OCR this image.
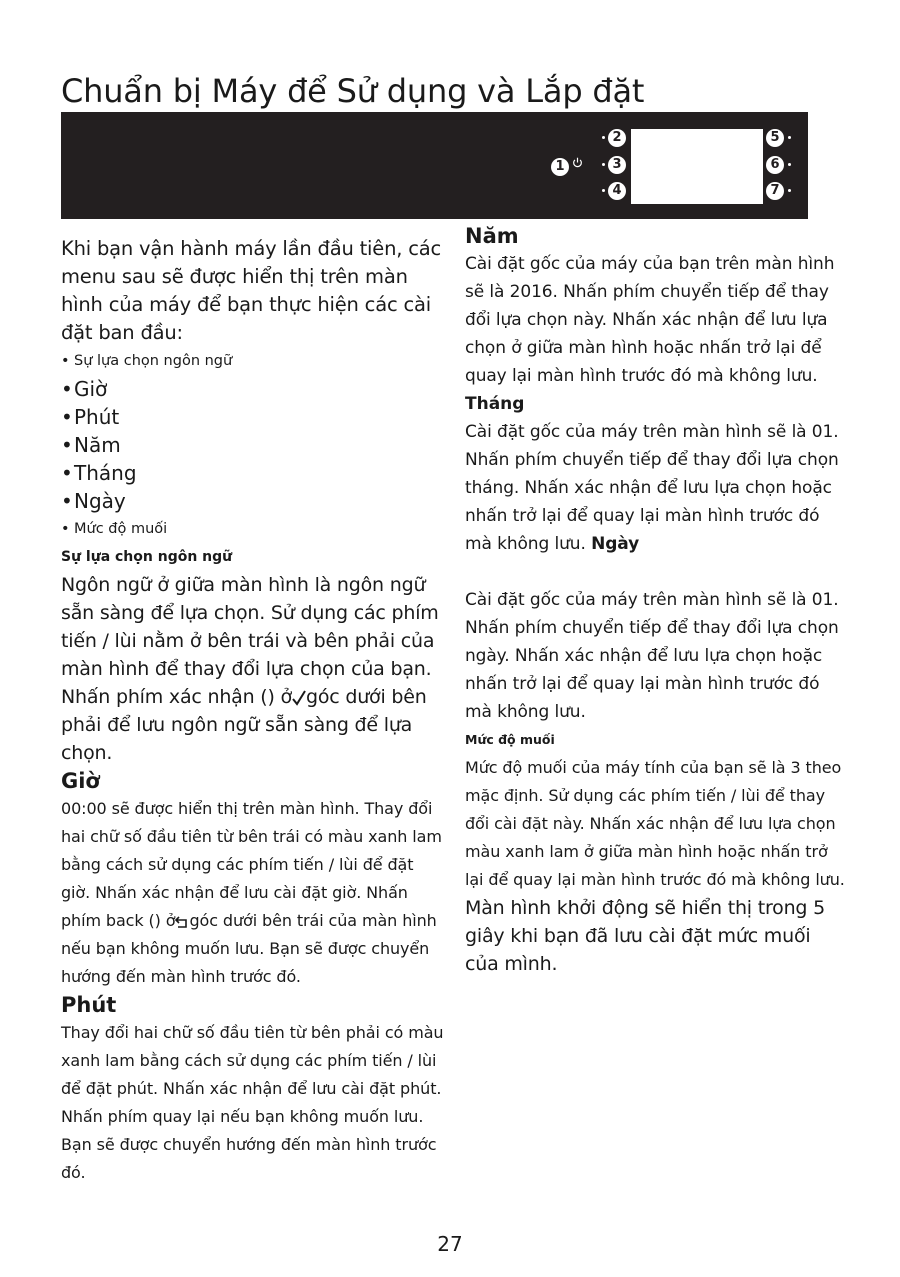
Chuẩn bị Máy để Sử dụng và Lắp đặt
1
2
3
4
5
6
7

Khi bạn vận hành máy lần đầu tiên, các menu sau sẽ được hiển thị trên màn hình của máy để bạn thực hiện các cài đặt ban đầu:

• Sự lựa chọn ngôn ngữ
• Giờ
• Phút
• Năm
• Tháng
• Ngày
• Mức độ muối
Sự lựa chọn ngôn ngữ

Ngôn ngữ ở giữa màn hình là ngôn ngữ sẵn sàng để lựa chọn. Sử dụng các phím tiến / lùi nằm ở bên trái và bên phải của màn hình để thay đổi lựa chọn của bạn. Nhấn phím xác nhận () ở góc dưới bên phải để lưu ngôn ngữ sẵn sàng để lựa chọn.

Giờ

00:00 sẽ được hiển thị trên màn hình. Thay đổi hai chữ số đầu tiên từ bên trái có màu xanh lam bằng cách sử dụng các phím tiến / lùi để đặt giờ. Nhấn xác nhận để lưu cài đặt giờ. Nhấn phím back () ở góc dưới bên trái của màn hình nếu bạn không muốn lưu. Bạn sẽ được chuyển hướng đến màn hình trước đó.

Phút

Thay đổi hai chữ số đầu tiên từ bên phải có màu xanh lam bằng cách sử dụng các phím tiến / lùi để đặt phút. Nhấn xác nhận để lưu cài đặt phút. Nhấn phím quay lại nếu bạn không muốn lưu. Bạn sẽ được chuyển hướng đến màn hình trước đó.

Năm

Cài đặt gốc của máy của bạn trên màn hình sẽ là 2016. Nhấn phím chuyển tiếp để thay đổi lựa chọn này. Nhấn xác nhận để lưu lựa chọn ở giữa màn hình hoặc nhấn trở lại để quay lại màn hình trước đó mà không lưu.

Tháng

Cài đặt gốc của máy trên màn hình sẽ là 01. Nhấn phím chuyển tiếp để thay đổi lựa chọn tháng. Nhấn xác nhận để lưu lựa chọn hoặc nhấn trở lại để quay lại màn hình trước đó mà không lưu. Ngày

Cài đặt gốc của máy trên màn hình sẽ là 01. Nhấn phím chuyển tiếp để thay đổi lựa chọn ngày. Nhấn xác nhận để lưu lựa chọn hoặc nhấn trở lại để quay lại màn hình trước đó mà không lưu.

Mức độ muối

Mức độ muối của máy tính của bạn sẽ là 3 theo mặc định. Sử dụng các phím tiến / lùi để thay đổi cài đặt này. Nhấn xác nhận để lưu lựa chọn màu xanh lam ở giữa màn hình hoặc nhấn trở lại để quay lại màn hình trước đó mà không lưu.

Màn hình khởi động sẽ hiển thị trong 5 giây khi bạn đã lưu cài đặt mức muối của mình.

27
